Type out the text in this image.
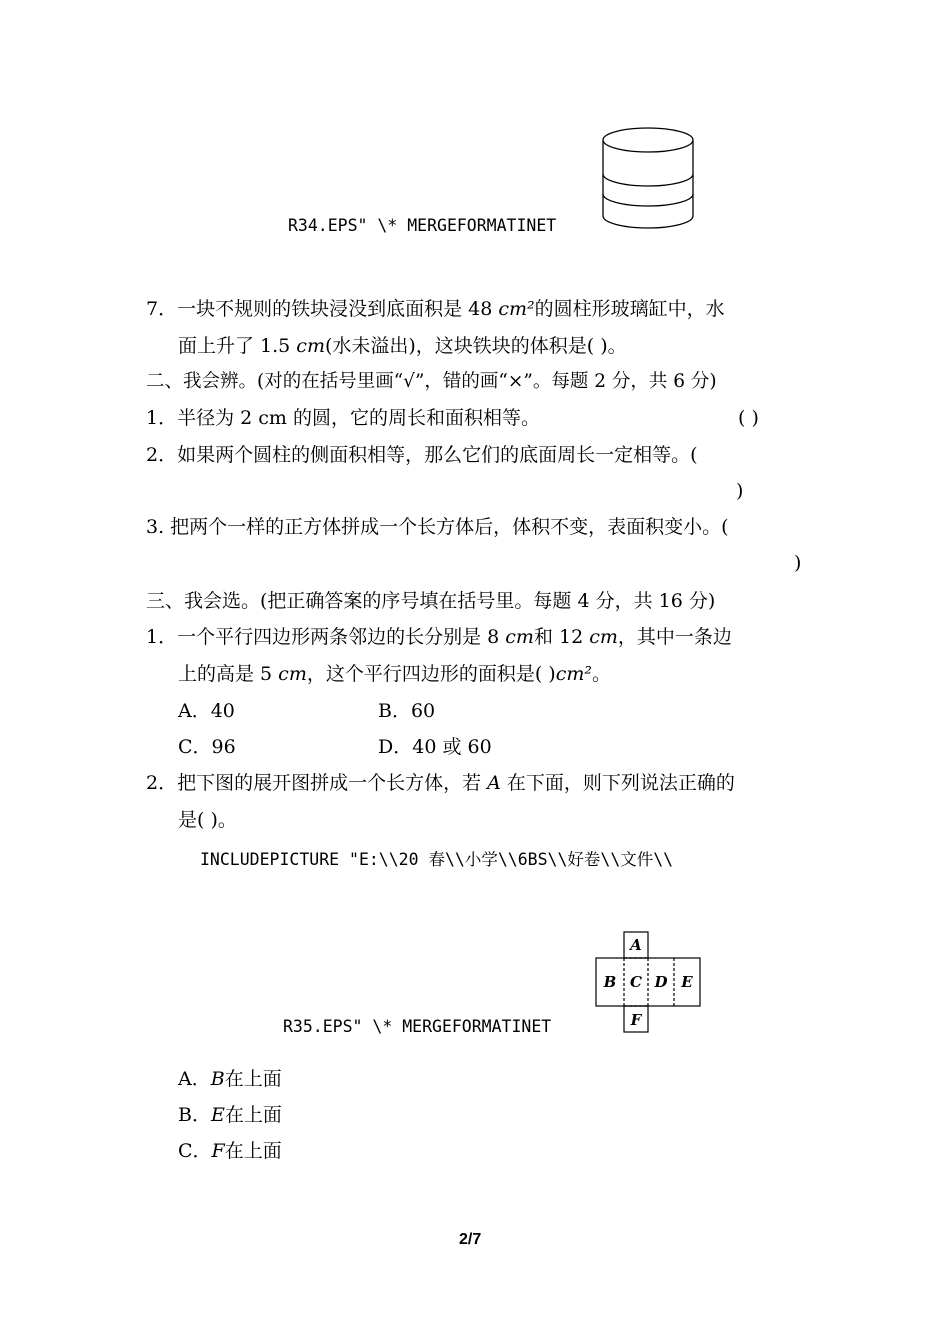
R34.EPS" \* MERGEFORMATINET
7．一块不规则的铁块浸没到底面积是 48 cm²的圆柱形玻璃缸中，水
面上升了 1.5 cm(水未溢出)，这块铁块的体积是( )。
二、我会辨。(对的在括号里画“√”，错的画“×”。每题 2 分，共 6 分)
1．半径为 2 cm 的圆，它的周长和面积相等。	( )
2．如果两个圆柱的侧面积相等，那么它们的底面周长一定相等。(
)
3. 把两个一样的正方体拼成一个长方体后，体积不变，表面积变小。(
)
三、我会选。(把正确答案的序号填在括号里。每题 4 分，共 16 分)
1．一个平行四边形两条邻边的长分别是 8 cm和 12 cm，其中一条边
上的高是 5 cm，这个平行四边形的面积是( )cm²。
A．40	B．60
C．96	D．40 或 60
2．把下图的展开图拼成一个长方体，若 A 在下面，则下列说法正确的
是( )。
INCLUDEPICTURE "E:\\20 春\\小学\\6BS\\好卷\\文件\\
A
B C D E
F
R35.EPS" \* MERGEFORMATINET
A．B在上面
B．E在上面
C．F在上面
2/7
